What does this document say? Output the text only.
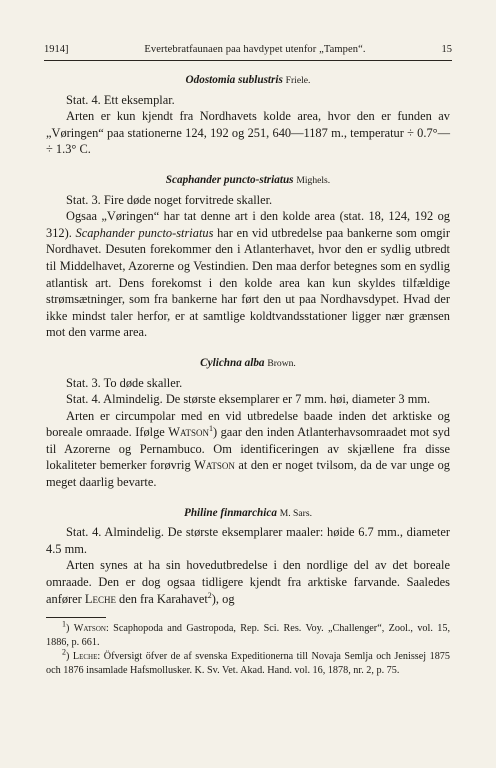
1914]	Evertebratfaunaen paa havdypet utenfor „Tampen“.	15
Odostomia sublustris Friele.

Stat. 4. Ett eksemplar.

Arten er kun kjendt fra Nordhavets kolde area, hvor den er funden av „Vøringen“ paa stationerne 124, 192 og 251, 640—1187 m., temperatur ÷ 0.7°— ÷ 1.3° C.

Scaphander puncto-striatus Mighels.

Stat. 3. Fire døde noget forvitrede skaller.

Ogsaa „Vøringen“ har tat denne art i den kolde area (stat. 18, 124, 192 og 312). Scaphander puncto-striatus har en vid utbredelse paa bankerne som omgir Nordhavet. Desuten forekommer den i Atlanterhavet, hvor den er sydlig utbredt til Middelhavet, Azorerne og Vestindien. Den maa derfor betegnes som en sydlig atlantisk art. Dens forekomst i den kolde area kan kun skyldes tilfældige strømsætninger, som fra bankerne har ført den ut paa Nordhavsdypet. Hvad der ikke mindst taler herfor, er at samtlige koldtvandsstationer ligger nær grænsen mot den varme area.

Cylichna alba Brown.

Stat. 3. To døde skaller.

Stat. 4. Almindelig. De største eksemplarer er 7 mm. høi, diameter 3 mm.

Arten er circumpolar med en vid utbredelse baade inden det arktiske og boreale omraade. Ifølge Watson$^1$) gaar den inden Atlanterhavsomraadet mot syd til Azorerne og Pernambuco. Om identificeringen av skjællene fra disse lokaliteter bemerker forøvrig Watson at den er noget tvilsom, da de var unge og meget daarlig bevarte.

Philine finmarchica M. Sars.

Stat. 4. Almindelig. De største eksemplarer maaler: høide 6.7 mm., diameter 4.5 mm.

Arten synes at ha sin hovedutbredelse i den nordlige del av det boreale omraade. Den er dog ogsaa tidligere kjendt fra arktiske farvande. Saaledes anfører Leche den fra Karahavet$^2$), og

$^1$) Watson: Scaphopoda and Gastropoda, Rep. Sci. Res. Voy. „Challenger“, Zool., vol. 15, 1886, p. 661.

$^2$) Leche: Öfversigt öfver de af svenska Expeditionerna till Novaja Semlja och Jenissej 1875 och 1876 insamlade Hafsmollusker. K. Sv. Vet. Akad. Hand. vol. 16, 1878, nr. 2, p. 75.
